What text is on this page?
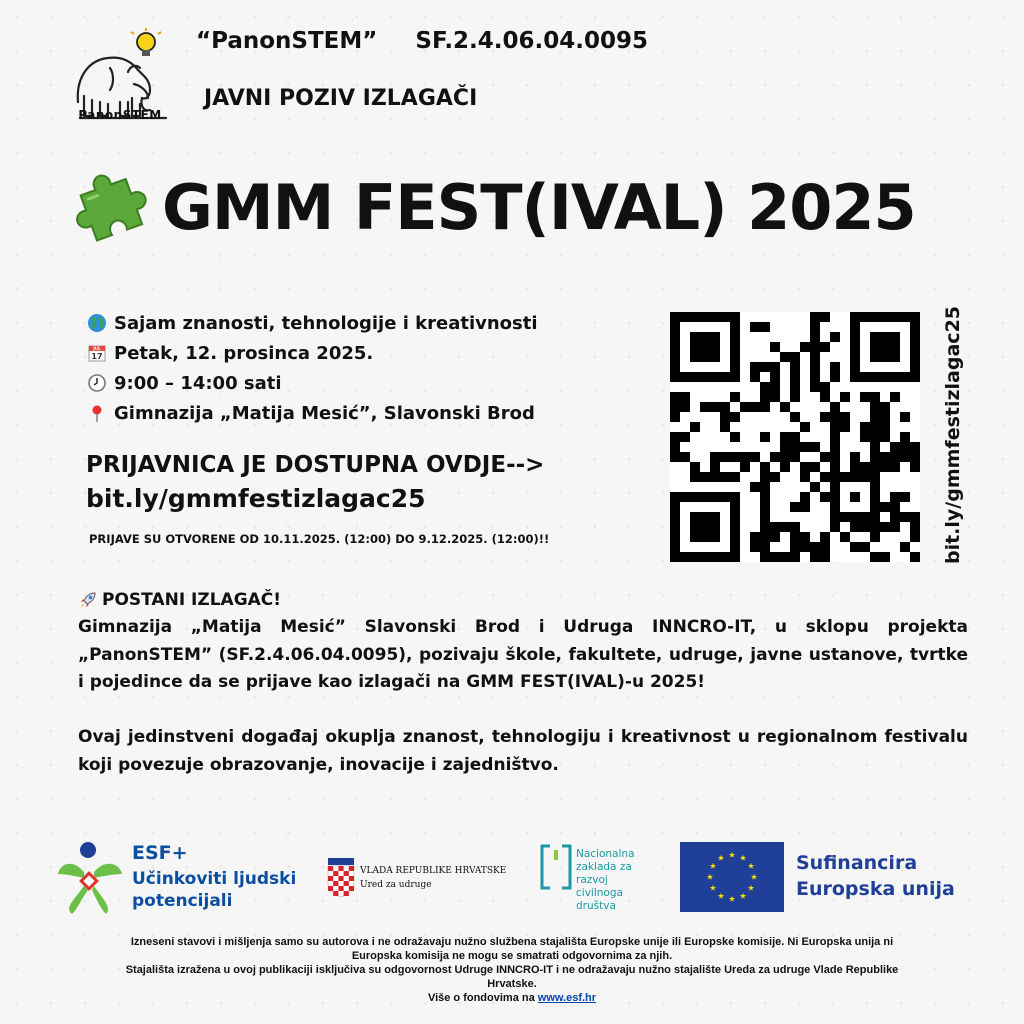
PanonSTEM
“PanonSTEM” SF.2.4.06.04.0095
JAVNI POZIV IZLAGAČI
GMM FEST(IVAL) 2025
Sajam znanosti, tehnologije i kreativnosti
JUL
17 Petak, 12. prosinca 2025.
9:00 – 14:00 sati
Gimnazija „Matija Mesić”, Slavonski Brod
PRIJAVNICA JE DOSTUPNA OVDJE-->
bit.ly/gmmfestizlagac25
PRIJAVE SU OTVORENE OD 10.11.2025. (12:00) DO 9.12.2025. (12:00)!!	bit.ly/gmmfestizlagac25
POSTANI IZLAGAČ!
Gimnazija „Matija Mesić” Slavonski Brod i Udruga INNCRO-IT, u sklopu projekta „PanonSTEM” (SF.2.4.06.04.0095), pozivaju škole, fakultete, udruge, javne ustanove, tvrtke i pojedince da se prijave kao izlagači na GMM FEST(IVAL)-u 2025!
Ovaj jedinstveni događaj okuplja znanost, tehnologiju i kreativnost u regionalnom festivalu koji povezuje obrazovanje, inovacije i zajedništvo.
ESF+
Učinkoviti ljudski
potencijali
VLADA REPUBLIKE HRVATSKE
Ured za udruge
Nacionalna
zaklada za
razvoj
civilnoga
društva
Sufinancira
Europska unija
Izneseni stavovi i mišljenja samo su autorova i ne odražavaju nužno službena stajališta Europske unije ili Europske komisije. Ni Europska unija ni
Europska komisija ne mogu se smatrati odgovornima za njih.
Stajališta izražena u ovoj publikaciji isključiva su odgovornost Udruge INNCRO-IT i ne odražavaju nužno stajalište Ureda za udruge Vlade Republike
Hrvatske.
Više o fondovima na www.esf.hr
